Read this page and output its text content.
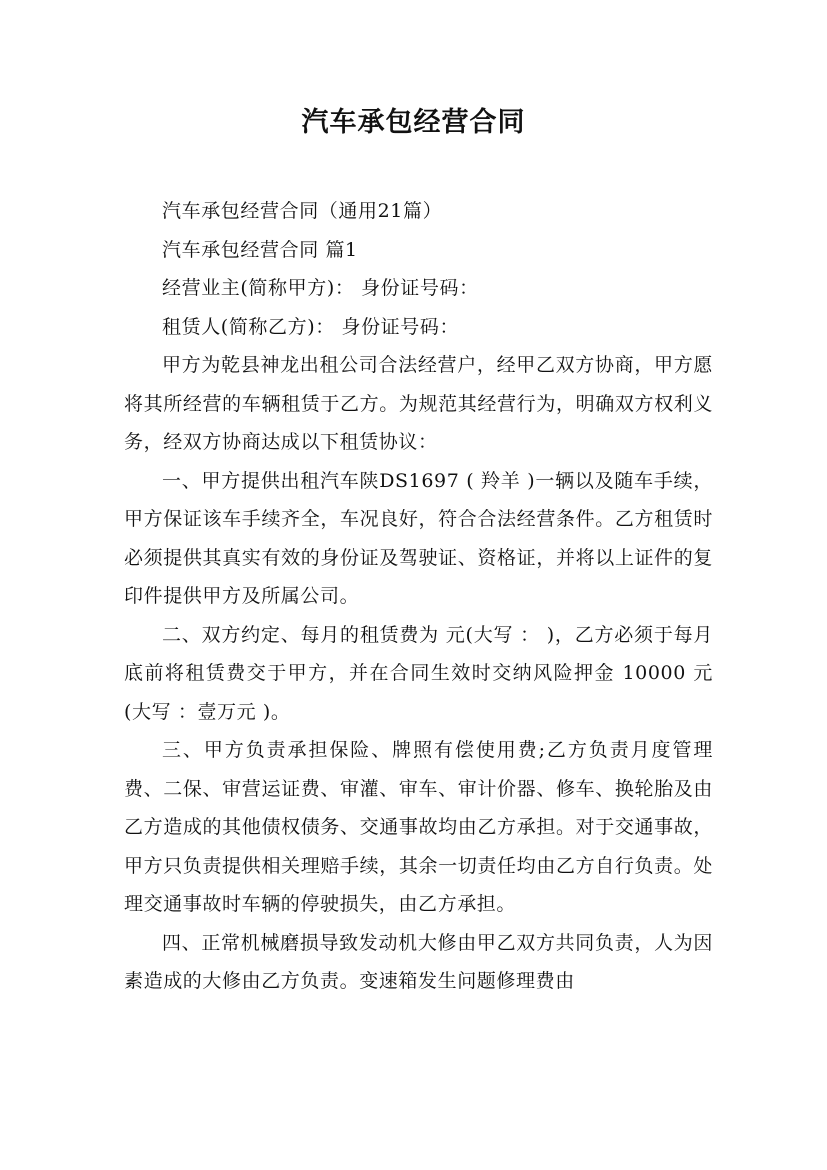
汽车承包经营合同

汽车承包经营合同（通用21篇）

汽车承包经营合同 篇1

经营业主(简称甲方)： 身份证号码：

租赁人(简称乙方)： 身份证号码：

甲方为乾县神龙出租公司合法经营户，经甲乙双方协商，甲方愿将其所经营的车辆租赁于乙方。为规范其经营行为，明确双方权利义务，经双方协商达成以下租赁协议：

一、甲方提供出租汽车陕DS1697 ( 羚羊 )一辆以及随车手续，甲方保证该车手续齐全，车况良好，符合合法经营条件。乙方租赁时必须提供其真实有效的身份证及驾驶证、资格证，并将以上证件的复印件提供甲方及所属公司。

二、双方约定、每月的租赁费为 元(大写 ： )，乙方必须于每月底前将租赁费交于甲方，并在合同生效时交纳风险押金 10000 元(大写 ：壹万元 )。

三、甲方负责承担保险、牌照有偿使用费;乙方负责月度管理费、二保、审营运证费、审灌、审车、审计价器、修车、换轮胎及由乙方造成的其他债权债务、交通事故均由乙方承担。对于交通事故，甲方只负责提供相关理赔手续，其余一切责任均由乙方自行负责。处理交通事故时车辆的停驶损失，由乙方承担。

四、正常机械磨损导致发动机大修由甲乙双方共同负责，人为因素造成的大修由乙方负责。变速箱发生问题修理费由
